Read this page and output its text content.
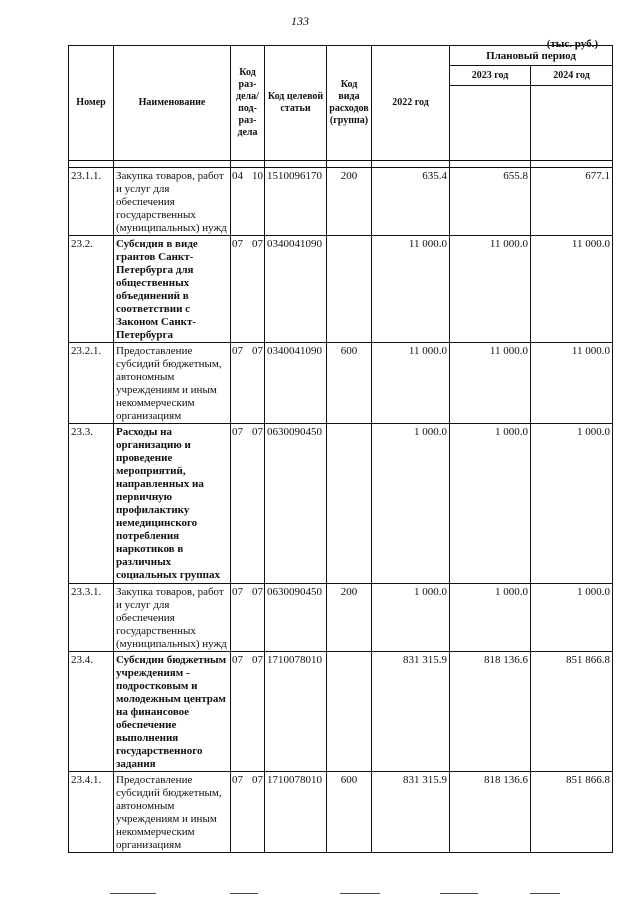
133
(тыс. руб.)
Номер	Наименование	Код раз-дела/ под-раз-дела	Код целевой статьи	Код вида расходов (группа)	2022 год	Плановый период	
						2023 год	2024 год

23.1.1.	Закупка товаров, работ и услуг для обеспечения государственных (муниципальных) нужд	04 10	1510096170	200	635.4	655.8	677.1
23.2.	Субсидия в виде грантов Санкт-Петербурга для общественных объединений в соответствии с Законом Санкт-Петербурга	07 07	0340041090		11 000.0	11 000.0	11 000.0
23.2.1.	Предоставление субсидий бюджетным, автономным учреждениям и иным некоммерческим организациям	07 07	0340041090	600	11 000.0	11 000.0	11 000.0
23.3.	Расходы на организацию и проведение мероприятий, направленных на первичную профилактику немедицинского потребления наркотиков в различных социальных группах	07 07	0630090450		1 000.0	1 000.0	1 000.0
23.3.1.	Закупка товаров, работ и услуг для обеспечения государственных (муниципальных) нужд	07 07	0630090450	200	1 000.0	1 000.0	1 000.0
23.4.	Субсидии бюджетным учреждениям - подростковым и молодежным центрам на финансовое обеспечение выполнения государственного задания	07 07	1710078010		831 315.9	818 136.6	851 866.8
23.4.1.	Предоставление субсидий бюджетным, автономным учреждениям и иным некоммерческим организациям	07 07	1710078010	600	831 315.9	818 136.6	851 866.8
